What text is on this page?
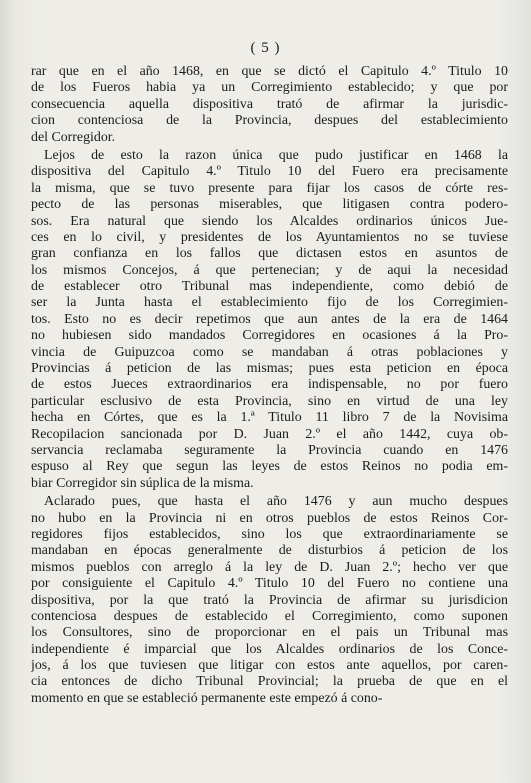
( 5 )
rar que en el año 1468, en que se dictó el Capitulo 4.º Titulo 10
de los Fueros habia ya un Corregimiento establecido; y que por
consecuencia aquella dispositiva trató de afirmar la jurisdic-
cion contenciosa de la Provincia, despues del establecimiento
del Corregidor.
Lejos de esto la razon única que pudo justificar en 1468 la
dispositiva del Capitulo 4.º Titulo 10 del Fuero era precisamente
la misma, que se tuvo presente para fijar los casos de córte res-
pecto de las personas miserables, que litigasen contra podero-
sos. Era natural que siendo los Alcaldes ordinarios únicos Jue-
ces en lo civil, y presidentes de los Ayuntamientos no se tuviese
gran confianza en los fallos que dictasen estos en asuntos de
los mismos Concejos, á que pertenecian; y de aqui la necesidad
de establecer otro Tribunal mas independiente, como debió de
ser la Junta hasta el establecimiento fijo de los Corregimien-
tos. Esto no es decir repetimos que aun antes de la era de 1464
no hubiesen sido mandados Corregidores en ocasiones á la Pro-
vincia de Guipuzcoa como se mandaban á otras poblaciones y
Provincias á peticion de las mismas; pues esta peticion en época
de estos Jueces extraordinarios era indispensable, no por fuero
particular esclusivo de esta Provincia, sino en virtud de una ley
hecha en Córtes, que es la 1.ª Titulo 11 libro 7 de la Novisima
Recopilacion sancionada por D. Juan 2.º el año 1442, cuya ob-
servancia reclamaba seguramente la Provincia cuando en 1476
espuso al Rey que segun las leyes de estos Reinos no podia em-
biar Corregidor sin súplica de la misma.
Aclarado pues, que hasta el año 1476 y aun mucho despues
no hubo en la Provincia ni en otros pueblos de estos Reinos Cor-
regidores fijos establecidos, sino los que extraordinariamente se
mandaban en épocas generalmente de disturbios á peticion de los
mismos pueblos con arreglo á la ley de D. Juan 2.º; hecho ver que
por consiguiente el Capitulo 4.º Titulo 10 del Fuero no contiene una
dispositiva, por la que trató la Provincia de afirmar su jurisdicion
contenciosa despues de establecido el Corregimiento, como suponen
los Consultores, sino de proporcionar en el pais un Tribunal mas
independiente é imparcial que los Alcaldes ordinarios de los Conce-
jos, á los que tuviesen que litigar con estos ante aquellos, por caren-
cia entonces de dicho Tribunal Provincial; la prueba de que en el
momento en que se estableció permanente este empezó á cono-
